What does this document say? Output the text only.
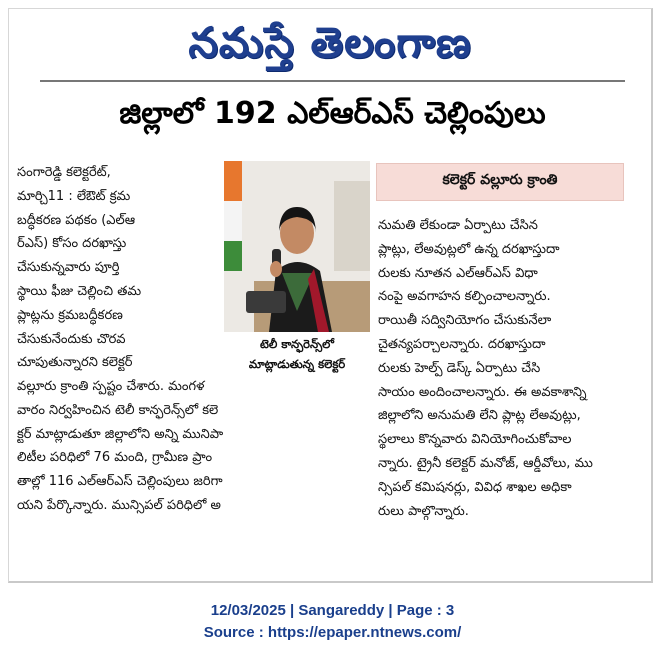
నమస్తే తెలంగాణ
జిల్లాలో 192 ఎల్‌ఆర్‌ఎస్ చెల్లింపులు

సంగారెడ్డి కలెక్టరేట్,

మార్చి11 : లేఔట్ క్రమ

బద్ధీకరణ పథకం (ఎల్‌ఆ

ర్‌ఎస్) కోసం దరఖాస్తు

చేసుకున్నవారు పూర్తి

స్థాయి ఫీజు చెల్లించి తమ

ప్లాట్లను క్రమబద్ధీకరణ

చేసుకునేందుకు చొరవ

చూపుతున్నారని కలెక్టర్

వల్లూరు క్రాంతి స్పష్టం చేశారు. మంగళ

వారం నిర్వహించిన టెలీ కాన్ఫరెన్స్‌లో కలె

క్టర్ మాట్లాడుతూ జిల్లాలోని అన్ని మునిపా

లిటీల పరిధిలో 76 మంది, గ్రామీణ ప్రాం

తాల్లో 116 ఎల్‌ఆర్‌ఎస్ చెల్లింపులు జరిగా

యని పేర్కొన్నారు. మున్సిపల్ పరిధిలో అ

టెలీ కాన్ఫరెన్స్‌లో
మాట్లాడుతున్న కలెక్టర్
కలెక్టర్ వల్లూరు క్రాంతి

నుమతి లేకుండా ఏర్పాటు చేసిన

ప్లాట్లు, లేఅవుట్లలో ఉన్న దరఖాస్తుదా

రులకు నూతన ఎల్‌ఆర్‌ఎస్ విధా

నంపై అవగాహన కల్పించాలన్నారు.

రాయితీ సద్వినియోగం చేసుకునేలా

చైతన్యపర్చాలన్నారు. దరఖాస్తుదా

రులకు హెల్ప్ డెస్క్ ఏర్పాటు చేసి

సాయం అందించాలన్నారు. ఈ అవకాశాన్ని

జిల్లాలోని అనుమతి లేని ప్లాట్ల లేఅవుట్లు,

స్థలాలు కొన్నవారు వినియోగించుకోవాల

న్నారు. ట్రైనీ కలెక్టర్ మనోజ్, ఆర్డీవోలు, ము

న్సిపల్ కమిషనర్లు, వివిధ శాఖల అధికా

రులు పాల్గొన్నారు.

12/03/2025 | Sangareddy | Page : 3
Source : https://epaper.ntnews.com/
